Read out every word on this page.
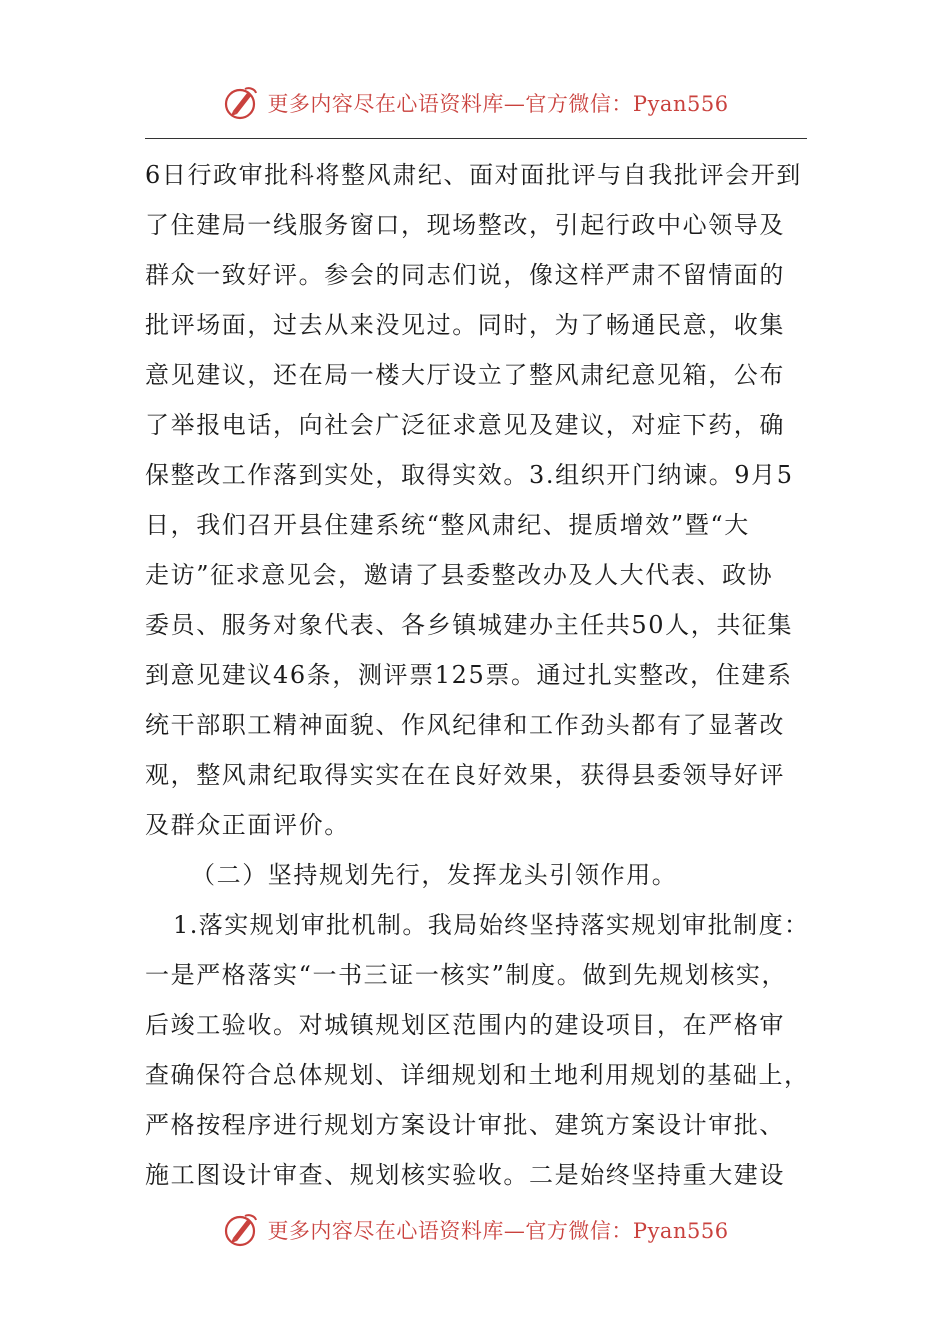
更多内容尽在心语资料库—官方微信：Pyan556
6日行政审批科将整风肃纪、面对面批评与自我批评会开到
了住建局一线服务窗口，现场整改，引起行政中心领导及
群众一致好评。参会的同志们说，像这样严肃不留情面的
批评场面，过去从来没见过。同时，为了畅通民意，收集
意见建议，还在局一楼大厅设立了整风肃纪意见箱，公布
了举报电话，向社会广泛征求意见及建议，对症下药，确
保整改工作落到实处，取得实效。3.组织开门纳谏。9月5
日，我们召开县住建系统“整风肃纪、提质增效”暨“大
走访”征求意见会，邀请了县委整改办及人大代表、政协
委员、服务对象代表、各乡镇城建办主任共50人，共征集
到意见建议46条，测评票125票。通过扎实整改，住建系
统干部职工精神面貌、作风纪律和工作劲头都有了显著改
观，整风肃纪取得实实在在良好效果，获得县委领导好评
及群众正面评价。
（二）坚持规划先行，发挥龙头引领作用。
1.落实规划审批机制。我局始终坚持落实规划审批制度：
一是严格落实“一书三证一核实”制度。做到先规划核实，
后竣工验收。对城镇规划区范围内的建设项目，在严格审
查确保符合总体规划、详细规划和土地利用规划的基础上，
严格按程序进行规划方案设计审批、建筑方案设计审批、
施工图设计审查、规划核实验收。二是始终坚持重大建设
更多内容尽在心语资料库—官方微信：Pyan556
